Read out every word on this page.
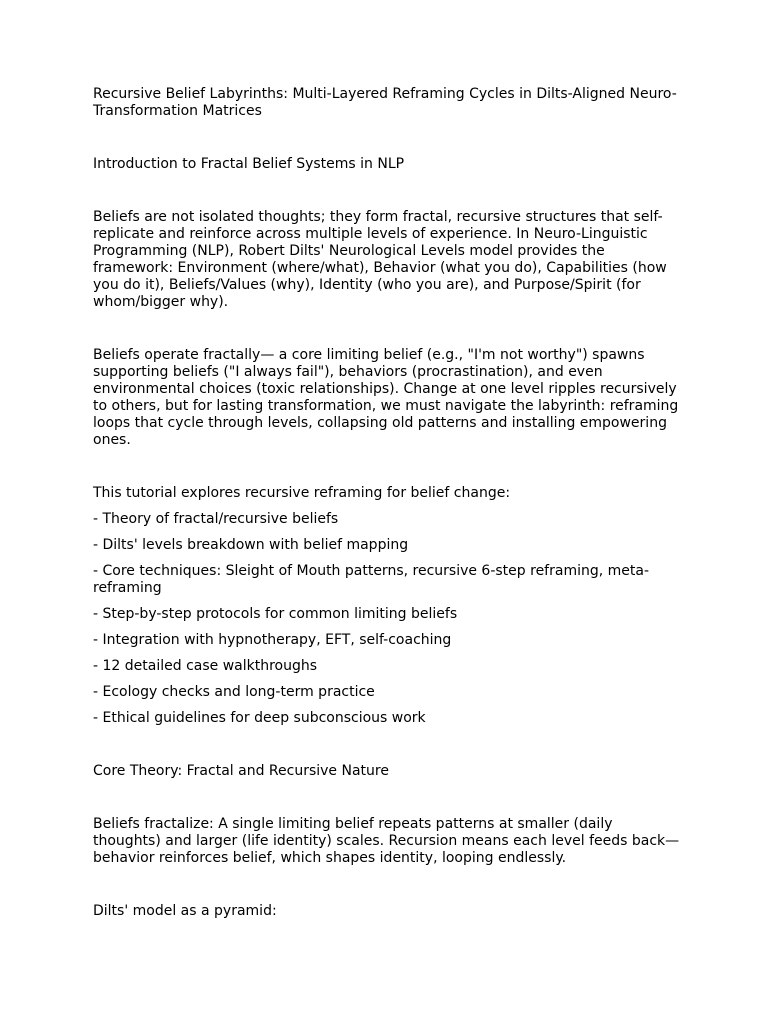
Recursive Belief Labyrinths: Multi-Layered Reframing Cycles in Dilts-Aligned Neuro-Transformation Matrices

Introduction to Fractal Belief Systems in NLP

Beliefs are not isolated thoughts; they form fractal, recursive structures that self-replicate and reinforce across multiple levels of experience. In Neuro-Linguistic Programming (NLP), Robert Dilts' Neurological Levels model provides the framework: Environment (where/what), Behavior (what you do), Capabilities (how you do it), Beliefs/Values (why), Identity (who you are), and Purpose/Spirit (for whom/bigger why).

Beliefs operate fractally— a core limiting belief (e.g., "I'm not worthy") spawns supporting beliefs ("I always fail"), behaviors (procrastination), and even environmental choices (toxic relationships). Change at one level ripples recursively to others, but for lasting transformation, we must navigate the labyrinth: reframing loops that cycle through levels, collapsing old patterns and installing empowering ones.

This tutorial explores recursive reframing for belief change:

- Theory of fractal/recursive beliefs
- Dilts' levels breakdown with belief mapping
- Core techniques: Sleight of Mouth patterns, recursive 6-step reframing, meta-reframing
- Step-by-step protocols for common limiting beliefs
- Integration with hypnotherapy, EFT, self-coaching
- 12 detailed case walkthroughs
- Ecology checks and long-term practice
- Ethical guidelines for deep subconscious work

Core Theory: Fractal and Recursive Nature

Beliefs fractalize: A single limiting belief repeats patterns at smaller (daily thoughts) and larger (life identity) scales. Recursion means each level feeds back—behavior reinforces belief, which shapes identity, looping endlessly.

Dilts' model as a pyramid:
